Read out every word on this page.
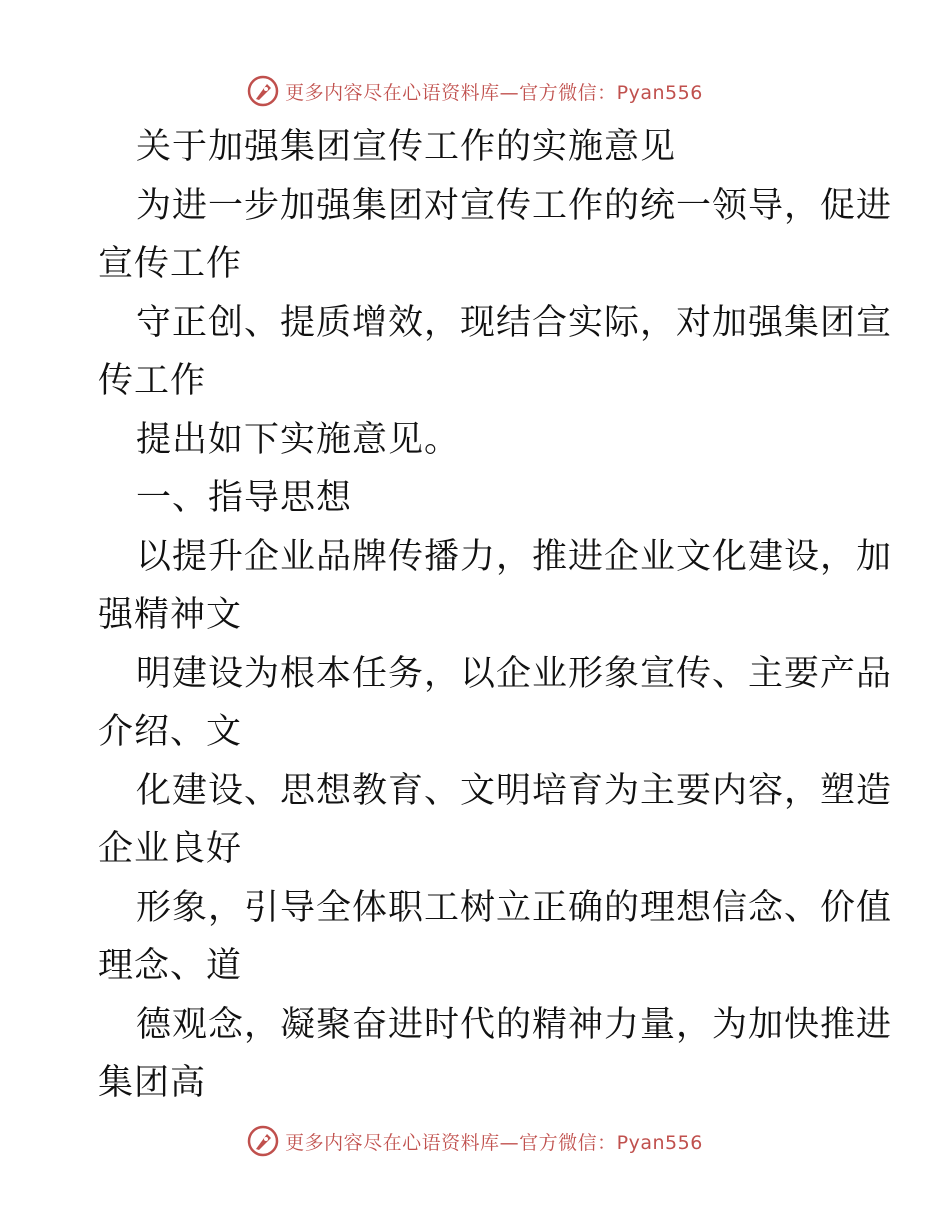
更多内容尽在心语资料库—官方微信：Pyan556
关于加强集团宣传工作的实施意见
为进一步加强集团对宣传工作的统一领导，促进
宣传工作
守正创、提质增效，现结合实际，对加强集团宣
传工作
提出如下实施意见。
一、指导思想
以提升企业品牌传播力，推进企业文化建设，加
强精神文
明建设为根本任务，以企业形象宣传、主要产品
介绍、文
化建设、思想教育、文明培育为主要内容，塑造
企业良好
形象，引导全体职工树立正确的理想信念、价值
理念、道
德观念，凝聚奋进时代的精神力量，为加快推进
集团高
更多内容尽在心语资料库—官方微信：Pyan556
